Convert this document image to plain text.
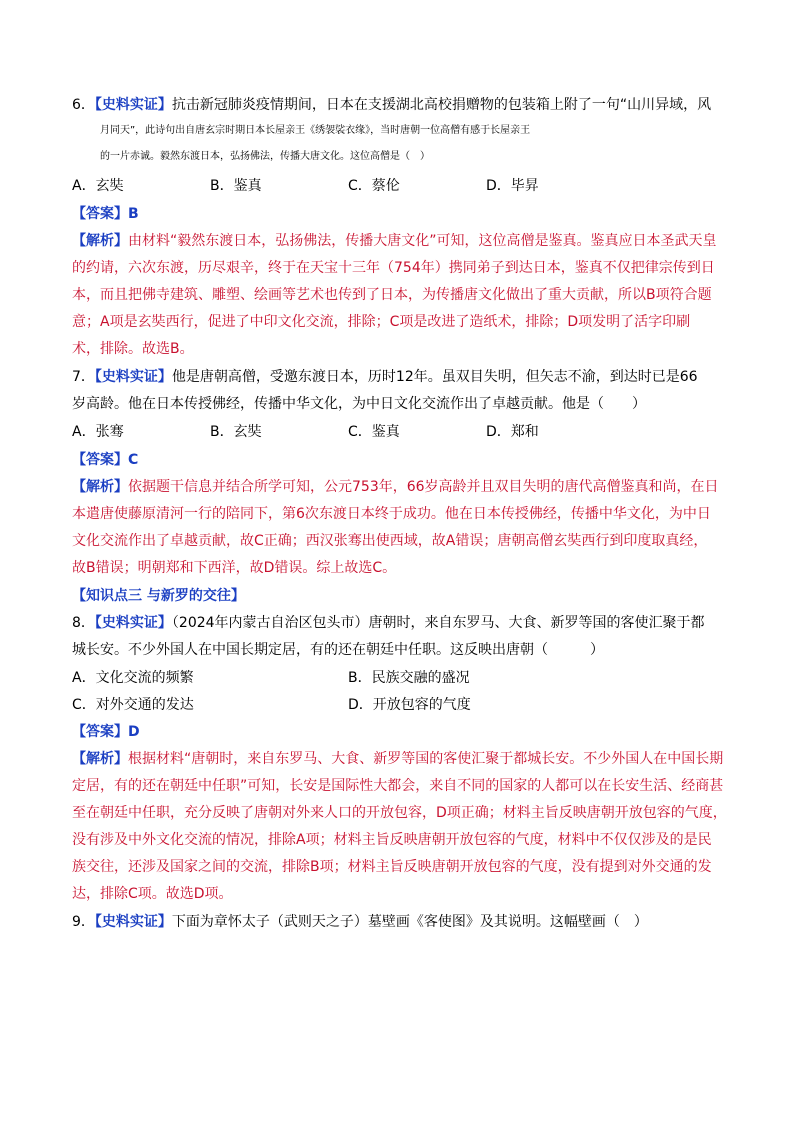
6．【史料实证】抗击新冠肺炎疫情期间，日本在支援湖北高校捐赠物的包装箱上附了一句“山川异域，风
月同天”，此诗句出自唐玄宗时期日本长屋亲王《绣袈裟衣缘》，当时唐朝一位高僧有感于长屋亲王
的一片赤诚。毅然东渡日本，弘扬佛法，传播大唐文化。这位高僧是（　）
A．玄奘	B．鉴真	C．蔡伦	D．毕昇
【答案】B
【解析】由材料“毅然东渡日本，弘扬佛法，传播大唐文化”可知，这位高僧是鉴真。鉴真应日本圣武天皇
的约请，六次东渡，历尽艰辛，终于在天宝十三年（754年）携同弟子到达日本，鉴真不仅把律宗传到日
本，而且把佛寺建筑、雕塑、绘画等艺术也传到了日本，为传播唐文化做出了重大贡献，所以B项符合题
意；A项是玄奘西行，促进了中印文化交流，排除；C项是改进了造纸术，排除；D项发明了活字印刷
术，排除。故选B。
7．【史料实证】他是唐朝高僧，受邀东渡日本，历时12年。虽双目失明，但矢志不渝，到达时已是66
岁高龄。他在日本传授佛经，传播中华文化，为中日文化交流作出了卓越贡献。他是（　　）
A．张骞	B．玄奘	C．鉴真	D．郑和
【答案】C
【解析】依据题干信息并结合所学可知，公元753年，66岁高龄并且双目失明的唐代高僧鉴真和尚，在日
本遣唐使藤原清河一行的陪同下，第6次东渡日本终于成功。他在日本传授佛经，传播中华文化，为中日
文化交流作出了卓越贡献，故C正确；西汉张骞出使西域，故A错误；唐朝高僧玄奘西行到印度取真经，
故B错误；明朝郑和下西洋，故D错误。综上故选C。
【知识点三 与新罗的交往】
8．【史料实证】（2024年内蒙古自治区包头市）唐朝时，来自东罗马、大食、新罗等国的客使汇聚于都
城长安。不少外国人在中国长期定居，有的还在朝廷中任职。这反映出唐朝（　　　）
A．文化交流的频繁	B．民族交融的盛况
C．对外交通的发达	D．开放包容的气度
【答案】D
【解析】根据材料“唐朝时，来自东罗马、大食、新罗等国的客使汇聚于都城长安。不少外国人在中国长期
定居，有的还在朝廷中任职”可知，长安是国际性大都会，来自不同的国家的人都可以在长安生活、经商甚
至在朝廷中任职，充分反映了唐朝对外来人口的开放包容，D项正确；材料主旨反映唐朝开放包容的气度，
没有涉及中外文化交流的情况，排除A项；材料主旨反映唐朝开放包容的气度，材料中不仅仅涉及的是民
族交往，还涉及国家之间的交流，排除B项；材料主旨反映唐朝开放包容的气度，没有提到对外交通的发
达，排除C项。故选D项。
9．【史料实证】下面为章怀太子（武则天之子）墓壁画《客使图》及其说明。这幅壁画（　）
